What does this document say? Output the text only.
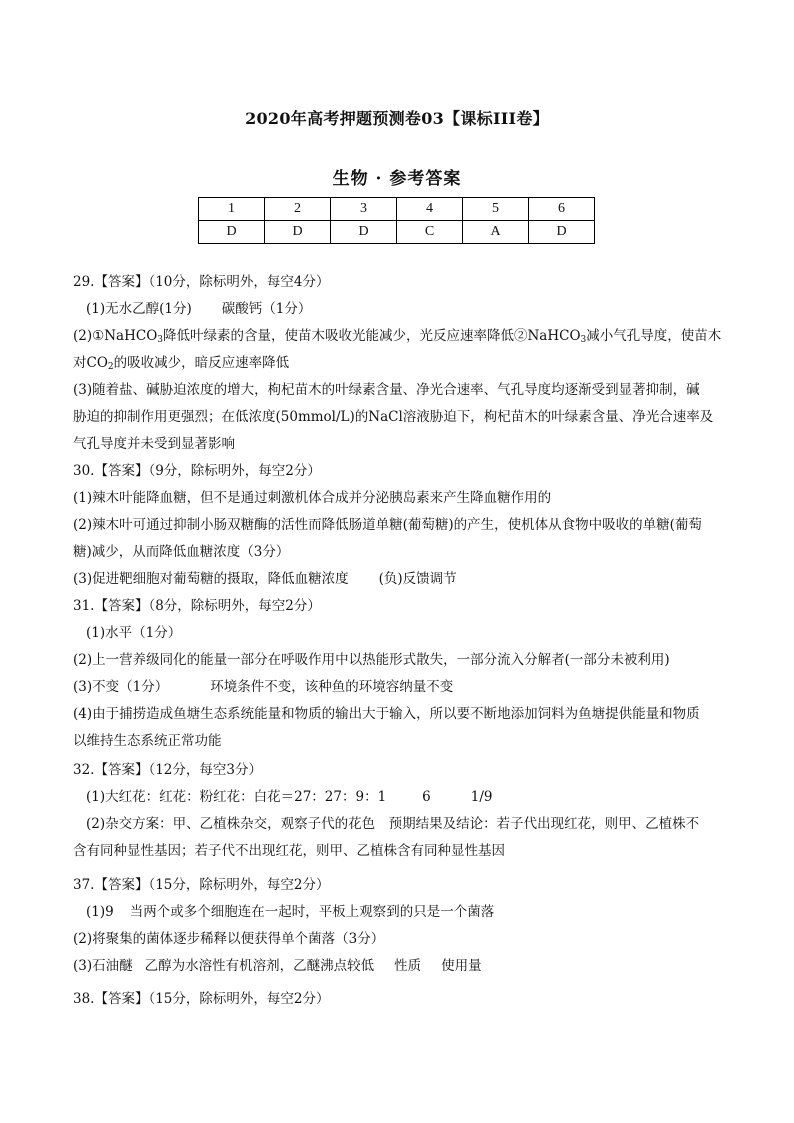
2020年高考押题预测卷03【课标III卷】
生物 · 参考答案
1	2	3	4	5	6
D	D	D	C	A	D
29.【答案】（10分，除标明外，每空4分）
(1)无水乙醇(1分) 碳酸钙（1分）
(2)①NaHCO$_3$降低叶绿素的含量，使苗木吸收光能减少，光反应速率降低②NaHCO$_3$减小气孔导度，使苗木
对$CO_2$的吸收减少，暗反应速率降低
(3)随着盐、碱胁迫浓度的增大，枸杞苗木的叶绿素含量、净光合速率、气孔导度均逐渐受到显著抑制，碱
胁迫的抑制作用更强烈；在低浓度(50mmol/L)的NaCl溶液胁迫下，枸杞苗木的叶绿素含量、净光合速率及
气孔导度并未受到显著影响
30.【答案】（9分，除标明外，每空2分）
(1)辣木叶能降血糖，但不是通过刺激机体合成并分泌胰岛素来产生降血糖作用的
(2)辣木叶可通过抑制小肠双糖酶的活性而降低肠道单糖(葡萄糖)的产生，使机体从食物中吸收的单糖(葡萄
糖)减少，从而降低血糖浓度（3分）
(3)促进靶细胞对葡萄糖的摄取，降低血糖浓度 (负)反馈调节
31.【答案】（8分，除标明外，每空2分）
(1)水平（1分）
(2)上一营养级同化的能量一部分在呼吸作用中以热能形式散失，一部分流入分解者(一部分未被利用)
(3)不变（1分）	环境条件不变，该种鱼的环境容纳量不变
(4)由于捕捞造成鱼塘生态系统能量和物质的输出大于输入，所以要不断地添加饲料为鱼塘提供能量和物质
以维持生态系统正常功能
32.【答案】（12分，每空3分）
(1)大红花：红花：粉红花：白花＝27：27：9：1	6	1/9
(2)杂交方案：甲、乙植株杂交，观察子代的花色　预期结果及结论：若子代出现红花，则甲、乙植株不
含有同种显性基因；若子代不出现红花，则甲、乙植株含有同种显性基因
37.【答案】（15分，除标明外，每空2分）
(1)9 当两个或多个细胞连在一起时，平板上观察到的只是一个菌落
(2)将聚集的菌体逐步稀释以便获得单个菌落（3分）
(3)石油醚 乙醇为水溶性有机溶剂，乙醚沸点较低 性质 使用量
38.【答案】（15分，除标明外，每空2分）
